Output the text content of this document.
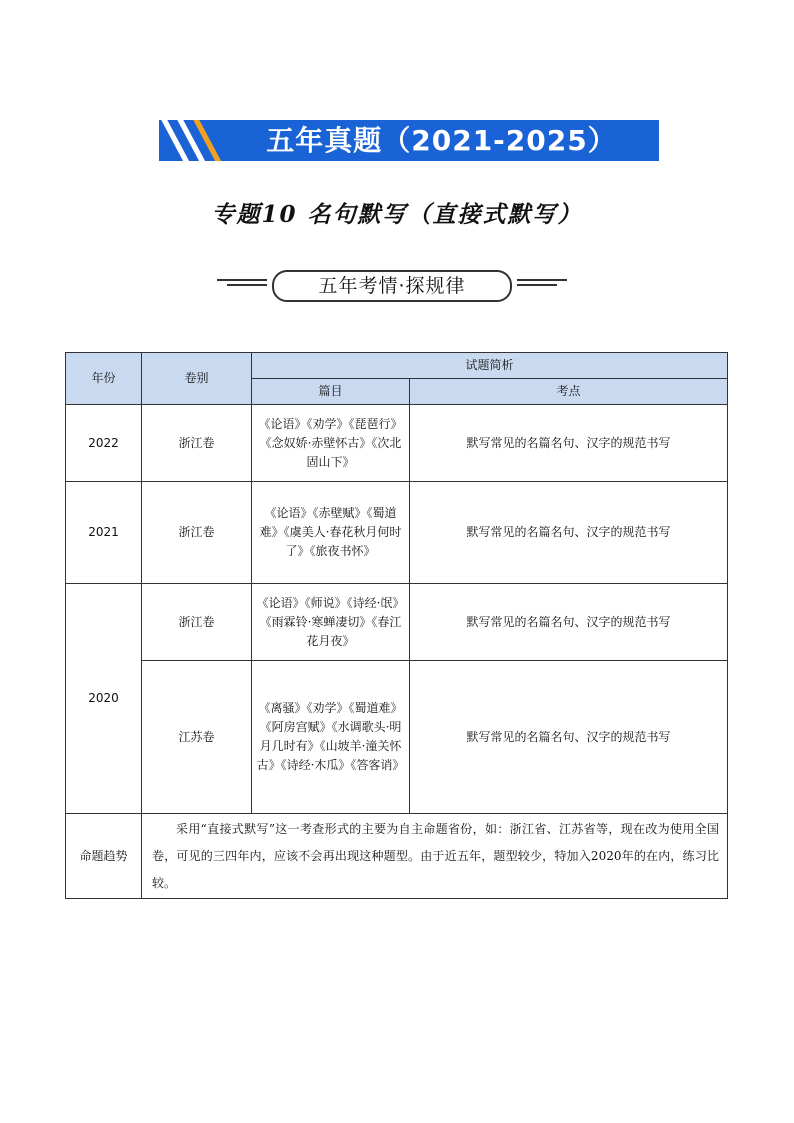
五年真题（2021-2025）
专题10 名句默写（直接式默写）
五年考情·探规律
年份	卷别	试题简析	
		篇目	考点
2022	浙江卷	《论语》《劝学》《琵琶行》《念奴娇·赤壁怀古》《次北固山下》	默写常见的名篇名句、汉字的规范书写
2021	浙江卷	《论语》《赤壁赋》《蜀道难》《虞美人·春花秋月何时了》《旅夜书怀》	默写常见的名篇名句、汉字的规范书写
2020	浙江卷	《论语》《师说》《诗经·氓》《雨霖铃·寒蝉凄切》《春江花月夜》	默写常见的名篇名句、汉字的规范书写
	江苏卷	《离骚》《劝学》《蜀道难》《阿房宫赋》《水调歌头·明月几时有》《山坡羊·潼关怀古》《诗经·木瓜》《答客诮》	默写常见的名篇名句、汉字的规范书写
命题趋势	采用“直接式默写”这一考查形式的主要为自主命题省份，如：浙江省、江苏省等，现在改为使用全国卷，可见的三四年内，应该不会再出现这种题型。由于近五年，题型较少，特加入2020年的在内，练习比较。		
